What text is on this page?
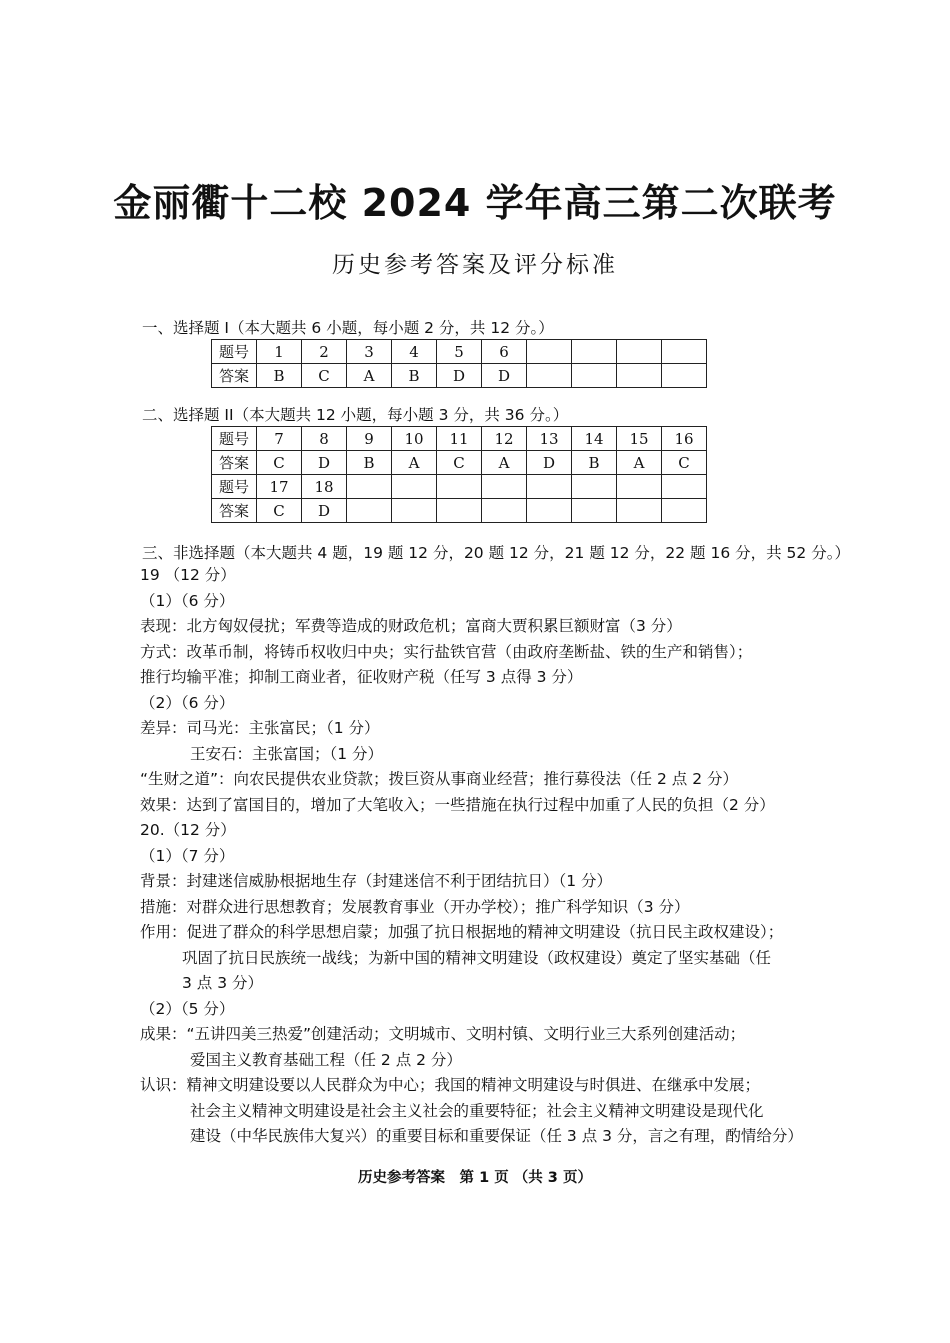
金丽衢十二校 2024 学年高三第二次联考
历史参考答案及评分标准
一、选择题 I（本大题共 6 小题，每小题 2 分，共 12 分。）
题号	1	2	3	4	5	6				
答案	B	C	A	B	D	D				
二、选择题 II（本大题共 12 小题，每小题 3 分，共 36 分。）
题号	7	8	9	10	11	12	13	14	15	16
答案	C	D	B	A	C	A	D	B	A	C
题号	17	18								
答案	C	D								
三、非选择题（本大题共 4 题，19 题 12 分，20 题 12 分，21 题 12 分，22 题 16 分，共 52 分。）
19 （12 分）
（1）（6 分）
表现：北方匈奴侵扰；军费等造成的财政危机；富商大贾积累巨额财富（3 分）
方式：改革币制，将铸币权收归中央；实行盐铁官营（由政府垄断盐、铁的生产和销售）；
推行均输平准；抑制工商业者，征收财产税（任写 3 点得 3 分）
（2）（6 分）
差异：司马光：主张富民；（1 分）
王安石：主张富国；（1 分）
“生财之道”：向农民提供农业贷款；拨巨资从事商业经营；推行募役法（任 2 点 2 分）
效果：达到了富国目的，增加了大笔收入；一些措施在执行过程中加重了人民的负担（2 分）
20.（12 分）
（1）（7 分）
背景：封建迷信威胁根据地生存（封建迷信不利于团结抗日）（1 分）
措施：对群众进行思想教育；发展教育事业（开办学校）；推广科学知识（3 分）
作用：促进了群众的科学思想启蒙；加强了抗日根据地的精神文明建设（抗日民主政权建设）；
巩固了抗日民族统一战线；为新中国的精神文明建设（政权建设）奠定了坚实基础（任
3 点 3 分）
（2）（5 分）
成果：“五讲四美三热爱”创建活动；文明城市、文明村镇、文明行业三大系列创建活动；
爱国主义教育基础工程（任 2 点 2 分）
认识：精神文明建设要以人民群众为中心；我国的精神文明建设与时俱进、在继承中发展；
社会主义精神文明建设是社会主义社会的重要特征；社会主义精神文明建设是现代化
建设（中华民族伟大复兴）的重要目标和重要保证（任 3 点 3 分，言之有理，酌情给分）
历史参考答案　第 1 页 （共 3 页）
